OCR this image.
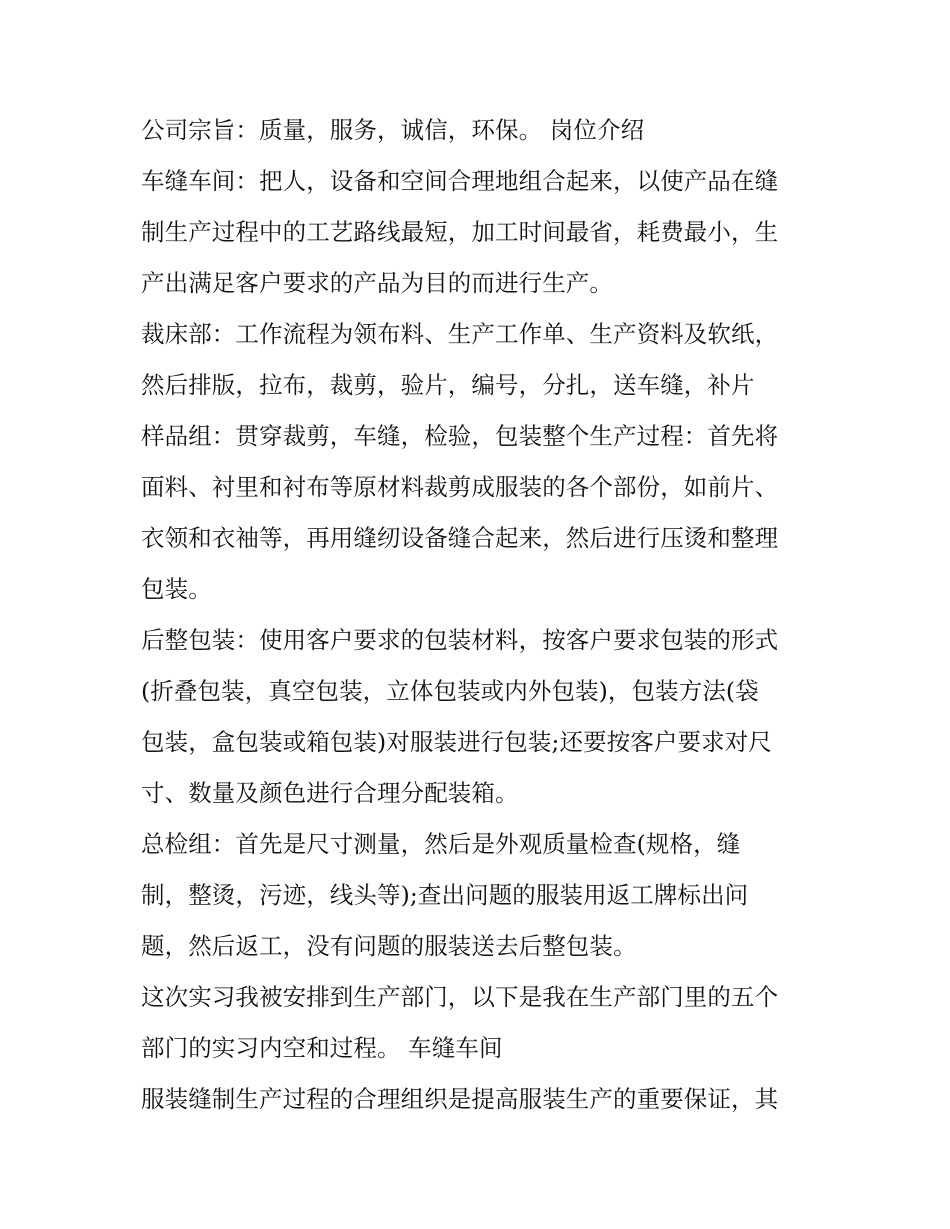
公司宗旨：质量，服务，诚信，环保。 岗位介绍
车缝车间：把人，设备和空间合理地组合起来，以使产品在缝
制生产过程中的工艺路线最短，加工时间最省，耗费最小，生
产出满足客户要求的产品为目的而进行生产。
裁床部：工作流程为领布料、生产工作单、生产资料及软纸，
然后排版，拉布，裁剪，验片，编号，分扎，送车缝，补片
样品组：贯穿裁剪，车缝，检验，包装整个生产过程：首先将
面料、衬里和衬布等原材料裁剪成服装的各个部份，如前片、
衣领和衣袖等，再用缝纫设备缝合起来，然后进行压烫和整理
包装。
后整包装：使用客户要求的包装材料，按客户要求包装的形式
(折叠包装，真空包装，立体包装或内外包装)，包装方法(袋
包装，盒包装或箱包装)对服装进行包装;还要按客户要求对尺
寸、数量及颜色进行合理分配装箱。
总检组：首先是尺寸测量，然后是外观质量检查(规格，缝
制，整烫，污迹，线头等);查出问题的服装用返工牌标出问
题，然后返工，没有问题的服装送去后整包装。
这次实习我被安排到生产部门，以下是我在生产部门里的五个
部门的实习内空和过程。 车缝车间
服装缝制生产过程的合理组织是提高服装生产的重要保证，其
